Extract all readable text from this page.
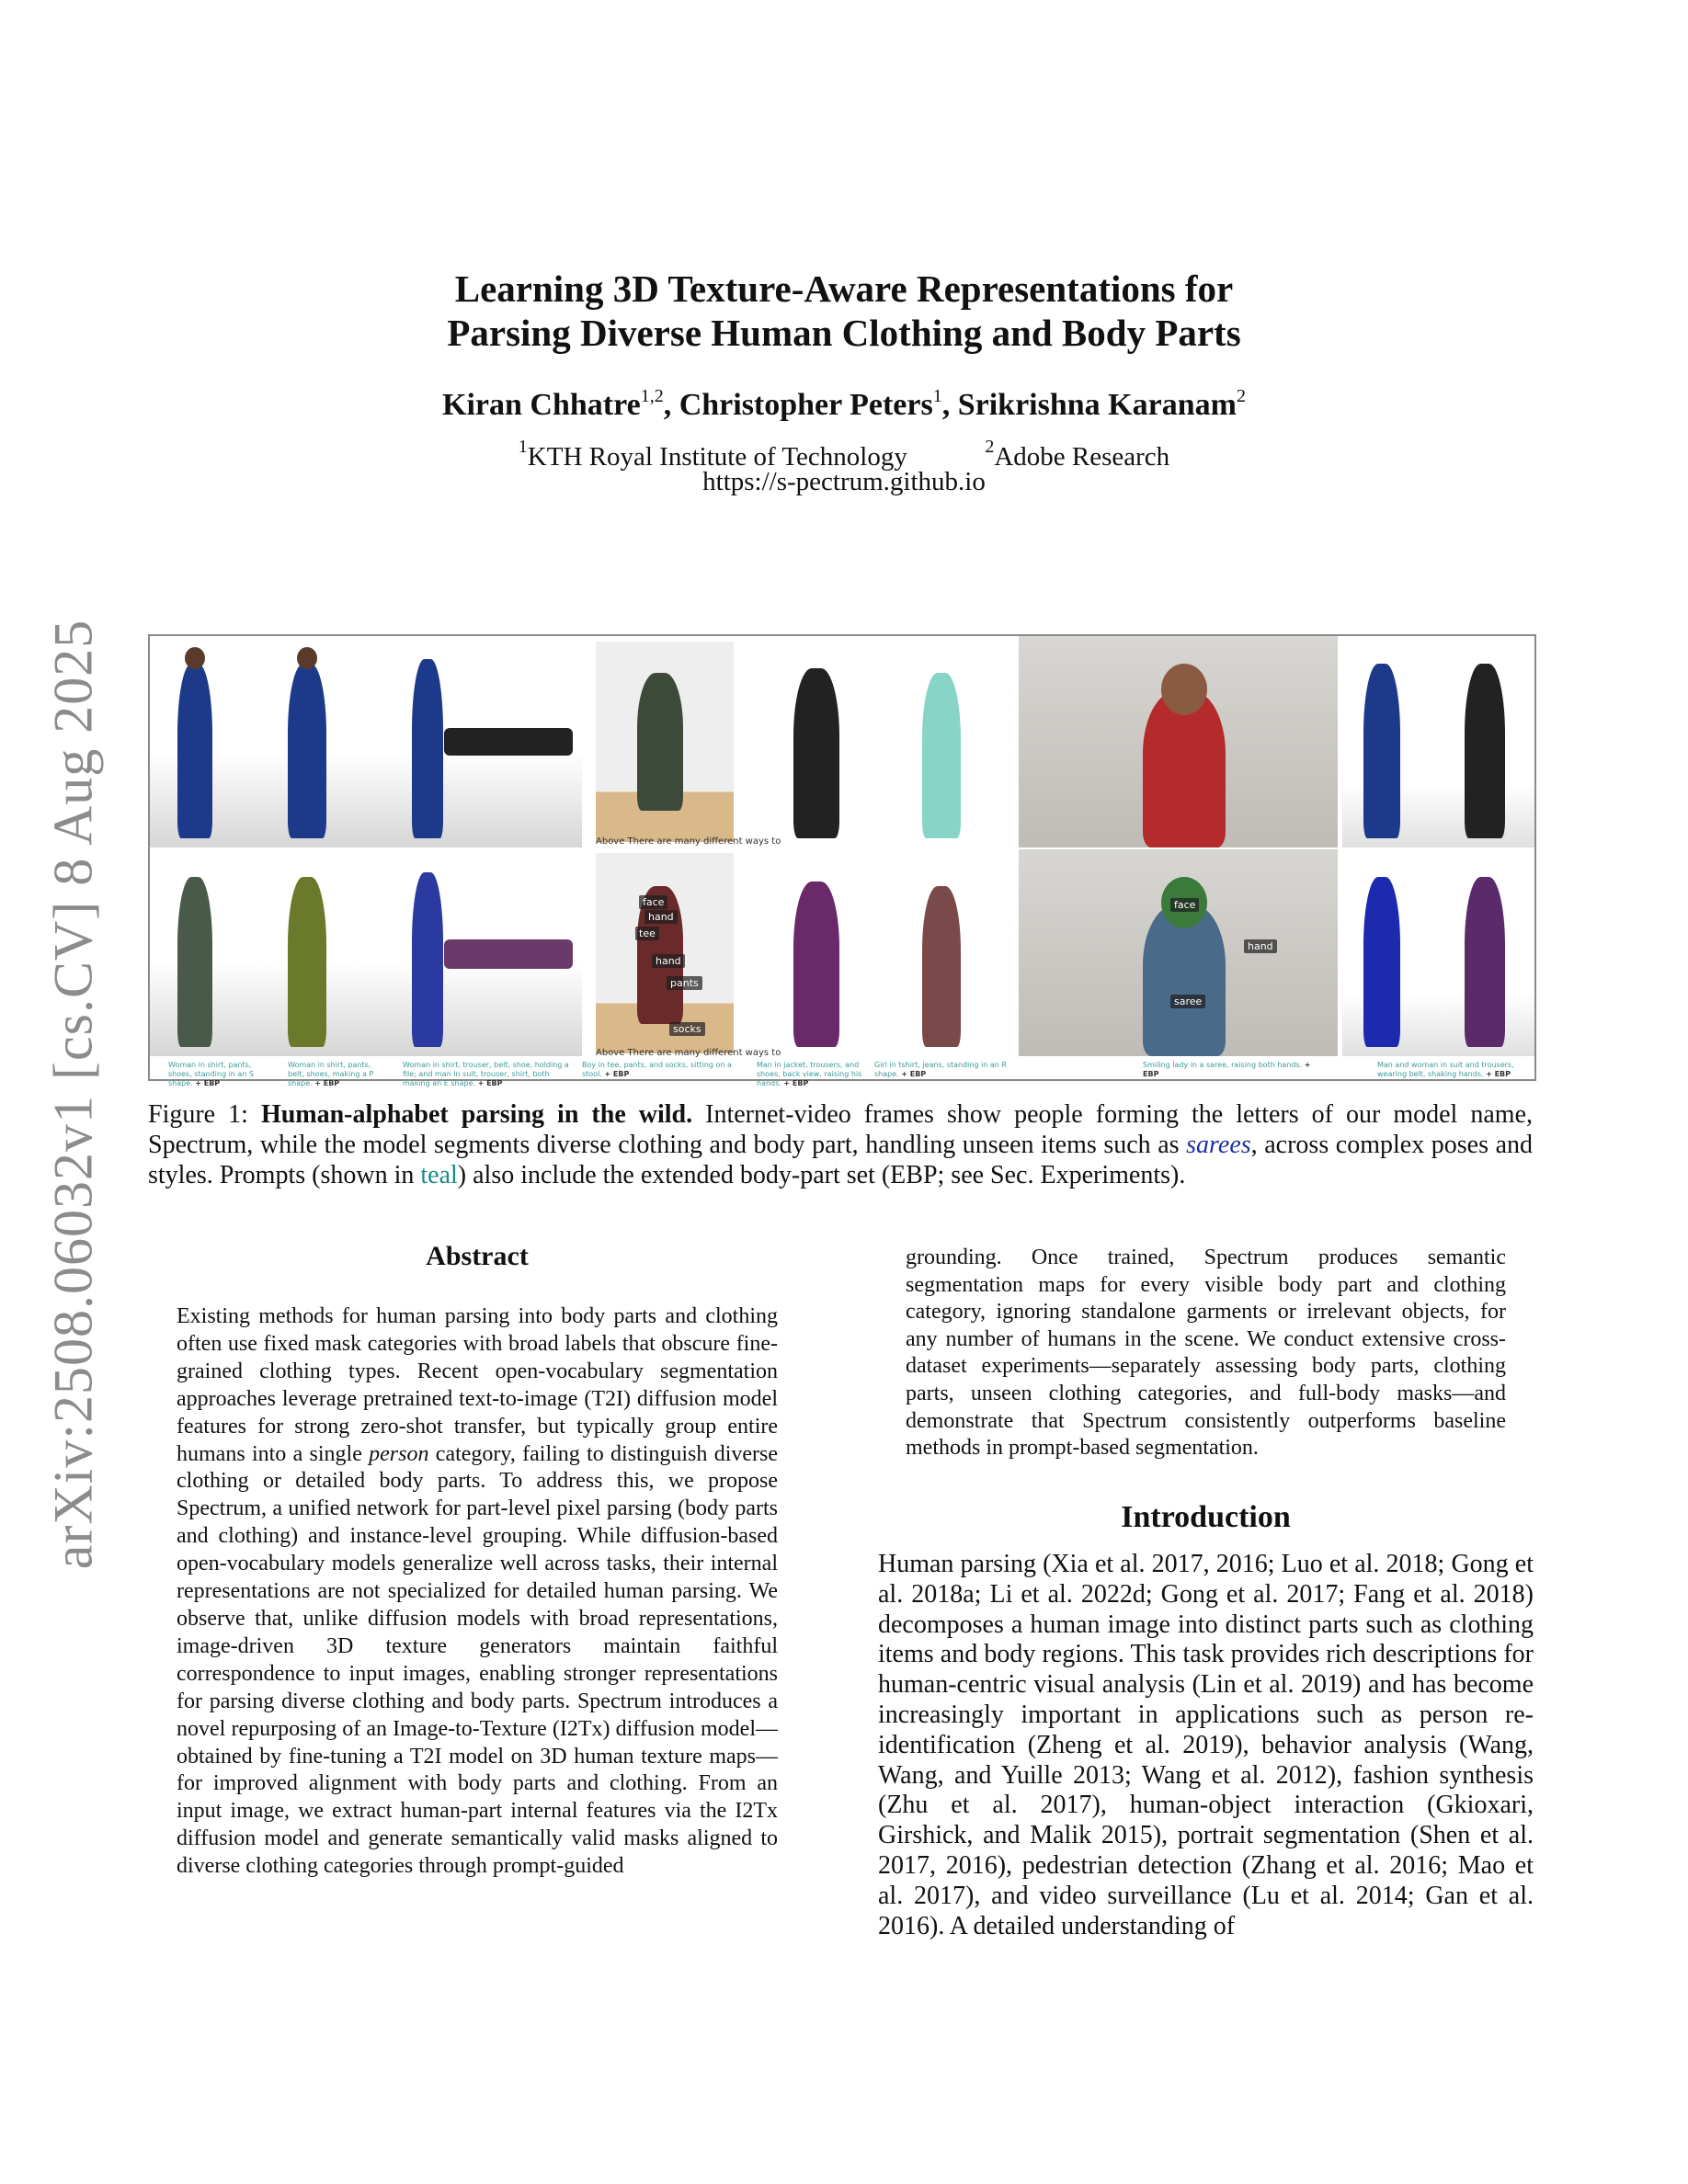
arXiv:2508.06032v1 [cs.CV] 8 Aug 2025
Learning 3D Texture-Aware Representations for
Parsing Diverse Human Clothing and Body Parts
Kiran Chhatre$^{1,2}$, Christopher Peters$^1$, Srikrishna Karanam$^2$
$^1$KTH Royal Institute of Technology	$^2$Adobe Research
https://s-pectrum.github.io
Above There are many different ways to
face
hand
tee
hand
pants
socks
face
hand
saree
Above There are many different ways to
Woman in shirt, pants, shoes, standing in an S shape. + EBP
Woman in shirt, pants, belt, shoes, making a P shape. + EBP
Woman in shirt, trouser, belt, shoe, holding a file; and man in suit, trouser, shirt, both making an E shape. + EBP
Boy in tee, pants, and socks, sitting on a stool. + EBP
Man in jacket, trousers, and shoes, back view, raising his hands. + EBP
Girl in tshirt, jeans, standing in an R shape. + EBP
Smiling lady in a saree, raising both hands. + EBP
Man and woman in suit and trousers, wearing belt, shaking hands. + EBP
Figure 1: Human-alphabet parsing in the wild. Internet-video frames show people forming the letters of our model name, Spectrum, while the model segments diverse clothing and body part, handling unseen items such as sarees, across complex poses and styles. Prompts (shown in teal) also include the extended body-part set (EBP; see Sec. Experiments).
Abstract
Existing methods for human parsing into body parts and clothing often use fixed mask categories with broad labels that obscure fine-grained clothing types. Recent open-vocabulary segmentation approaches leverage pretrained text-to-image (T2I) diffusion model features for strong zero-shot transfer, but typically group entire humans into a single person category, failing to distinguish diverse clothing or detailed body parts. To address this, we propose Spectrum, a unified network for part-level pixel parsing (body parts and clothing) and instance-level grouping. While diffusion-based open-vocabulary models generalize well across tasks, their internal representations are not specialized for detailed human parsing. We observe that, unlike diffusion models with broad representations, image-driven 3D texture generators maintain faithful correspondence to input images, enabling stronger representations for parsing diverse clothing and body parts. Spectrum introduces a novel repurposing of an Image-to-Texture (I2Tx) diffusion model—obtained by fine-tuning a T2I model on 3D human texture maps—for improved alignment with body parts and clothing. From an input image, we extract human-part internal features via the I2Tx diffusion model and generate semantically valid masks aligned to diverse clothing categories through prompt-guided
grounding. Once trained, Spectrum produces semantic segmentation maps for every visible body part and clothing category, ignoring standalone garments or irrelevant objects, for any number of humans in the scene. We conduct extensive cross-dataset experiments—separately assessing body parts, clothing parts, unseen clothing categories, and full-body masks—and demonstrate that Spectrum consistently outperforms baseline methods in prompt-based segmentation.
Introduction
Human parsing (Xia et al. 2017, 2016; Luo et al. 2018; Gong et al. 2018a; Li et al. 2022d; Gong et al. 2017; Fang et al. 2018) decomposes a human image into distinct parts such as clothing items and body regions. This task provides rich descriptions for human-centric visual analysis (Lin et al. 2019) and has become increasingly important in applications such as person re-identification (Zheng et al. 2019), behavior analysis (Wang, Wang, and Yuille 2013; Wang et al. 2012), fashion synthesis (Zhu et al. 2017), human-object interaction (Gkioxari, Girshick, and Malik 2015), portrait segmentation (Shen et al. 2017, 2016), pedestrian detection (Zhang et al. 2016; Mao et al. 2017), and video surveillance (Lu et al. 2014; Gan et al. 2016). A detailed understanding of
